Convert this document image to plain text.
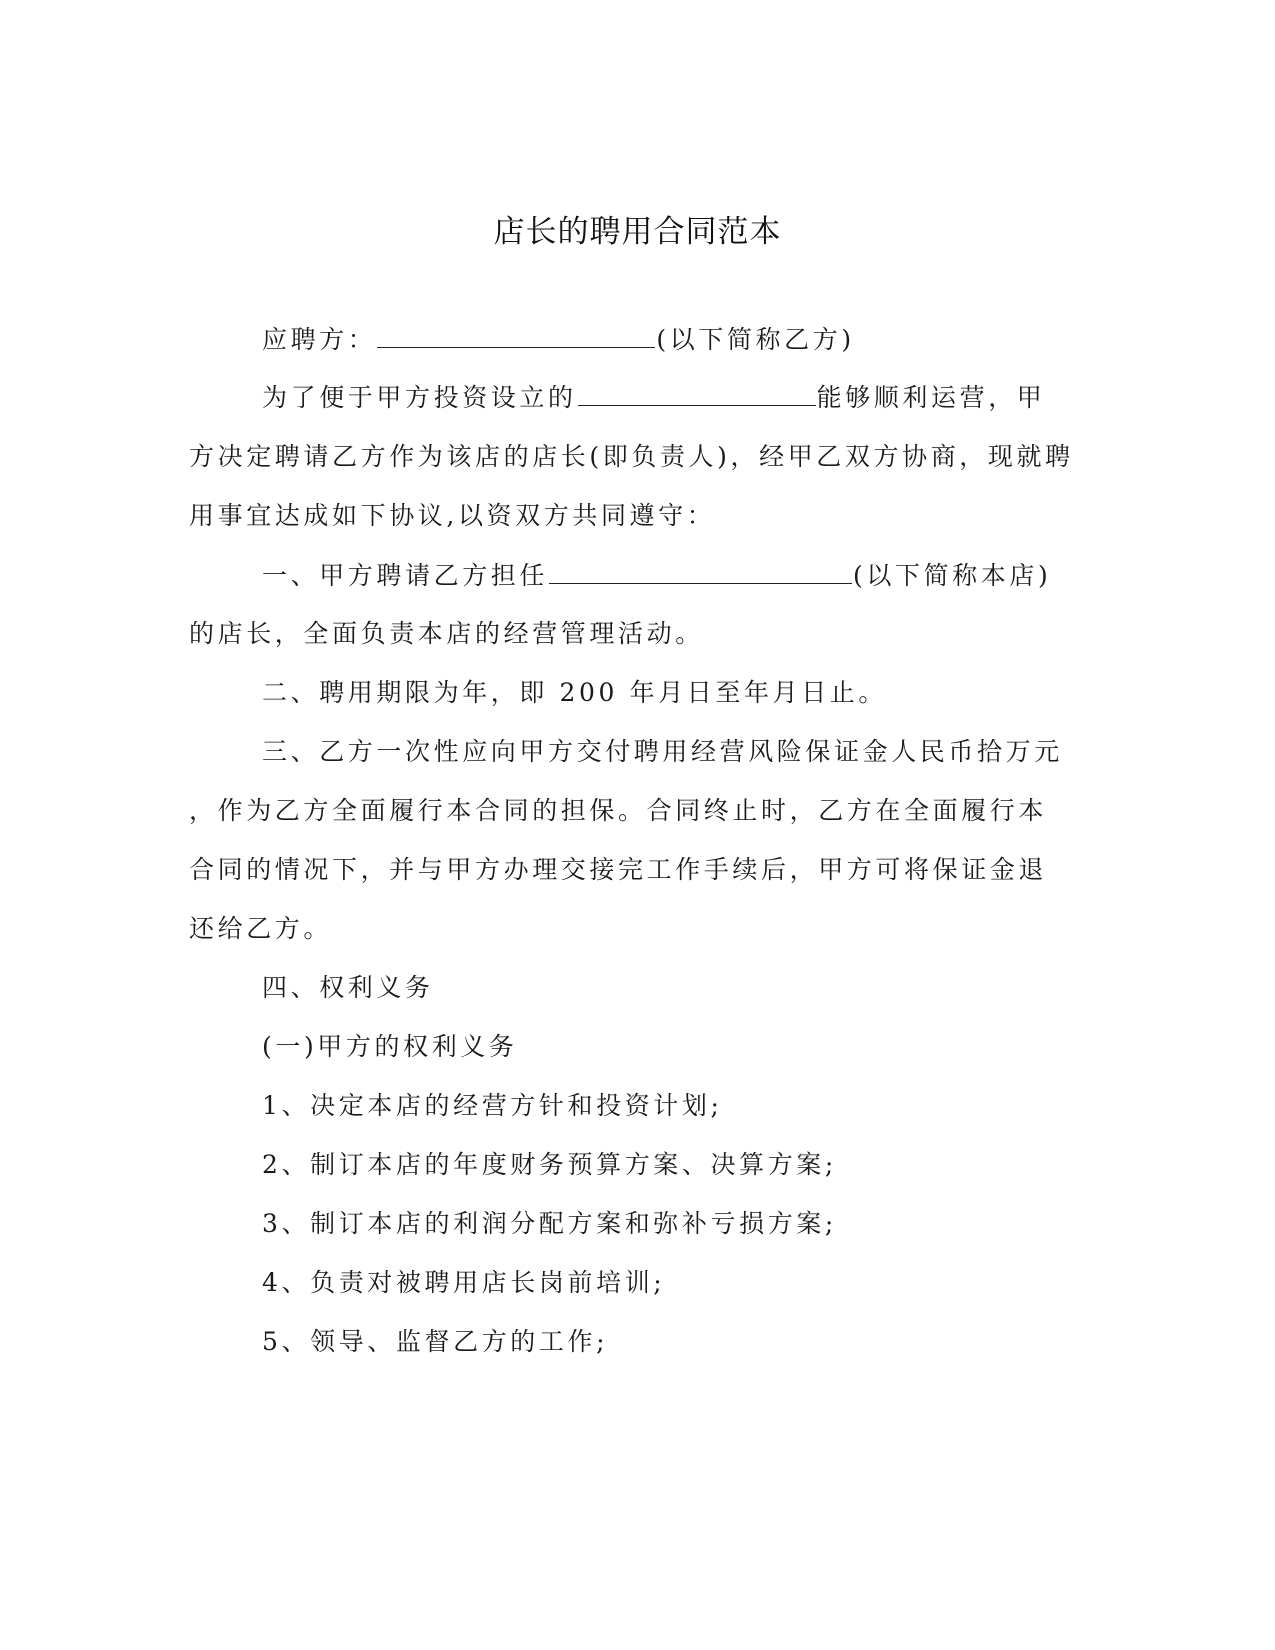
店长的聘用合同范本
应聘方：	(以下简称乙方)
为了便于甲方投资设立的	能够顺利运营，甲
方决定聘请乙方作为该店的店长(即负责人)，经甲乙双方协商，现就聘
用事宜达成如下协议,以资双方共同遵守：
一、甲方聘请乙方担任	(以下简称本店)
的店长，全面负责本店的经营管理活动。
二、聘用期限为年，即 200 年月日至年月日止。
三、乙方一次性应向甲方交付聘用经营风险保证金人民币拾万元
，作为乙方全面履行本合同的担保。合同终止时，乙方在全面履行本
合同的情况下，并与甲方办理交接完工作手续后，甲方可将保证金退
还给乙方。
四、权利义务
(一)甲方的权利义务
1、决定本店的经营方针和投资计划;
2、制订本店的年度财务预算方案、决算方案;
3、制订本店的利润分配方案和弥补亏损方案;
4、负责对被聘用店长岗前培训;
5、领导、监督乙方的工作;
